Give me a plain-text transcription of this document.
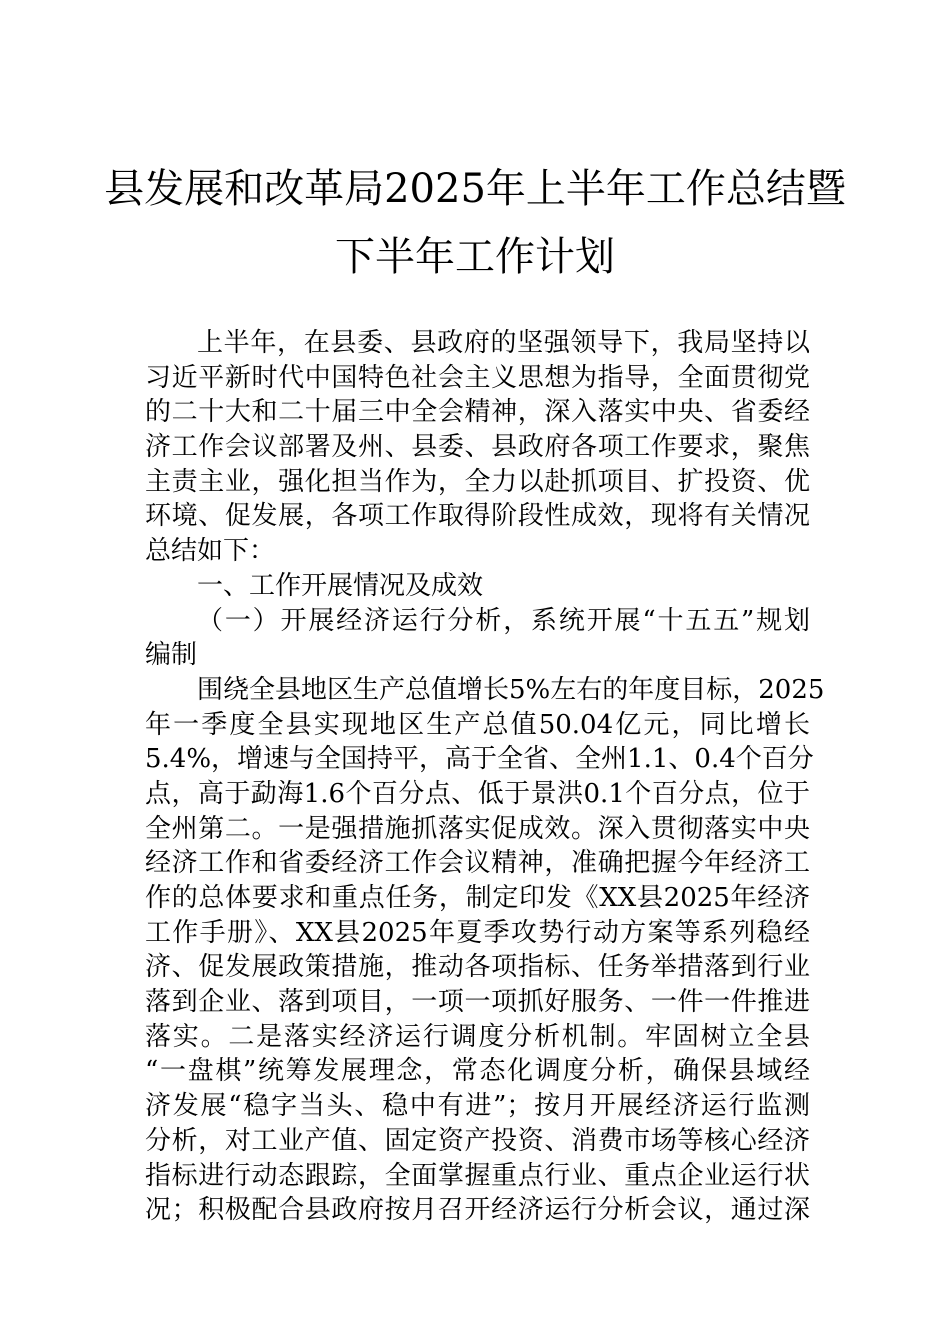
县发展和改革局2025年上半年工作总结暨
下半年工作计划
上半年，在县委、县政府的坚强领导下，我局坚持以
习近平新时代中国特色社会主义思想为指导，全面贯彻党
的二十大和二十届三中全会精神，深入落实中央、省委经
济工作会议部署及州、县委、县政府各项工作要求，聚焦
主责主业，强化担当作为，全力以赴抓项目、扩投资、优
环境、促发展，各项工作取得阶段性成效，现将有关情况
总结如下：
一、工作开展情况及成效
（一）开展经济运行分析，系统开展“十五五”规划
编制
围绕全县地区生产总值增长5%左右的年度目标，2025
年一季度全县实现地区生产总值50.04亿元，同比增长
5.4%，增速与全国持平，高于全省、全州1.1、0.4个百分
点，高于勐海1.6个百分点、低于景洪0.1个百分点，位于
全州第二。一是强措施抓落实促成效。深入贯彻落实中央
经济工作和省委经济工作会议精神，准确把握今年经济工
作的总体要求和重点任务，制定印发《XX县2025年经济
工作手册》、XX县2025年夏季攻势行动方案等系列稳经
济、促发展政策措施，推动各项指标、任务举措落到行业
落到企业、落到项目，一项一项抓好服务、一件一件推进
落实。二是落实经济运行调度分析机制。牢固树立全县
“一盘棋”统筹发展理念，常态化调度分析，确保县域经
济发展“稳字当头、稳中有进”；按月开展经济运行监测
分析，对工业产值、固定资产投资、消费市场等核心经济
指标进行动态跟踪，全面掌握重点行业、重点企业运行状
况；积极配合县政府按月召开经济运行分析会议，通过深
